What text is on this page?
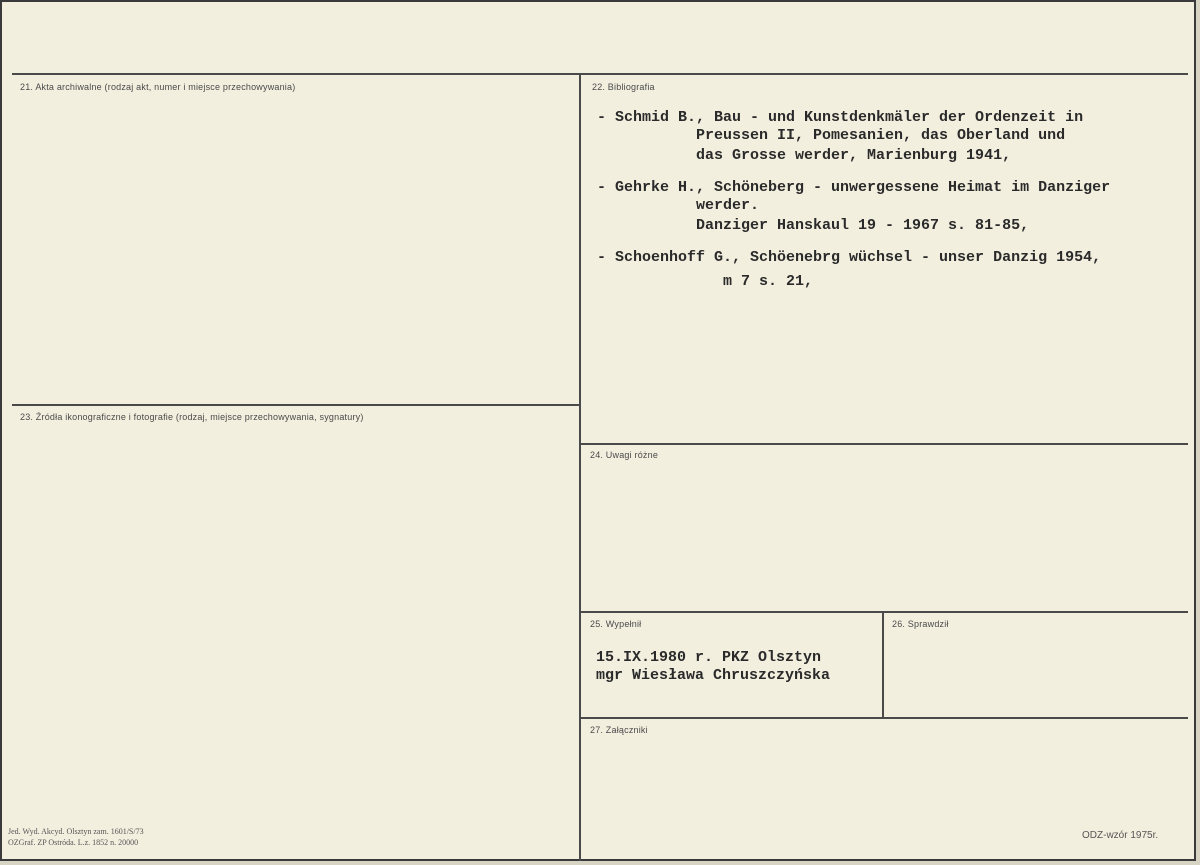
21. Akta archiwalne (rodzaj akt, numer i miejsce przechowywania)	22. Bibliografia
23. Źródła ikonograficzne i fotografie (rodzaj, miejsce przechowywania, sygnatury)
24. Uwagi różne
25. Wypełnił	26. Sprawdził
27. Załączniki
- Schmid B., Bau - und Kunstdenkmäler der Ordenzeit in
Preussen II, Pomesanien, das Oberland und
das Grosse werder, Marienburg 1941,
- Gehrke H., Schöneberg - unwergessene Heimat im Danziger
werder.
Danziger Hanskaul 19 - 1967 s. 81-85,
- Schoenhoff G., Schöenebrg wüchsel - unser Danzig 1954,
m 7 s. 21,
15.IX.1980 r. PKZ Olsztyn
mgr Wiesława Chruszczyńska
Jed. Wyd. Akcyd. Olsztyn zam. 1601/S/73
OZGraf. ZP Ostróda. L.z. 1852 n. 20000
ODZ-wzór 1975r.
